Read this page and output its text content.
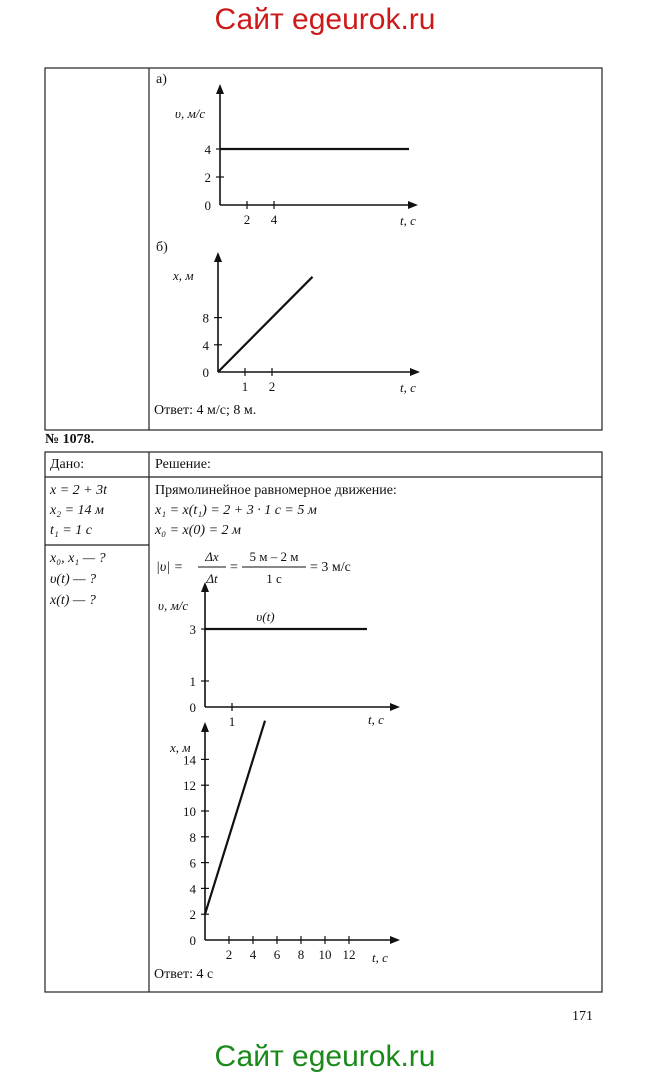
Сайт egeurok.ru
а)
б)
Ответ: 4 м/с; 8 м.
№ 1078.
Дано:	Решение:
x = 2 + 3t
x₂ = 14 м
t₁ = 1 с
x₀, x₁ — ?
υ(t) — ?
x(t) — ?
Прямолинейное равномерное движение:
x₁ = x(t₁) = 2 + 3 · 1 с = 5 м
x₀ = x(0) = 2 м
|υ| =
Δx
Δt
=
5 м – 2 м
1 с
= 3 м/с
Ответ: 4 с
171
υ, м/с
t, с
2 4
0
2
4
x, м
t, с
1 2
0
4
8
υ, м/с
t, с
1
0
1
3
υ(t)
x, м
t, с
2 4 6 8 10 12
0
2
4
6
8
10
12
14
Сайт egeurok.ru
